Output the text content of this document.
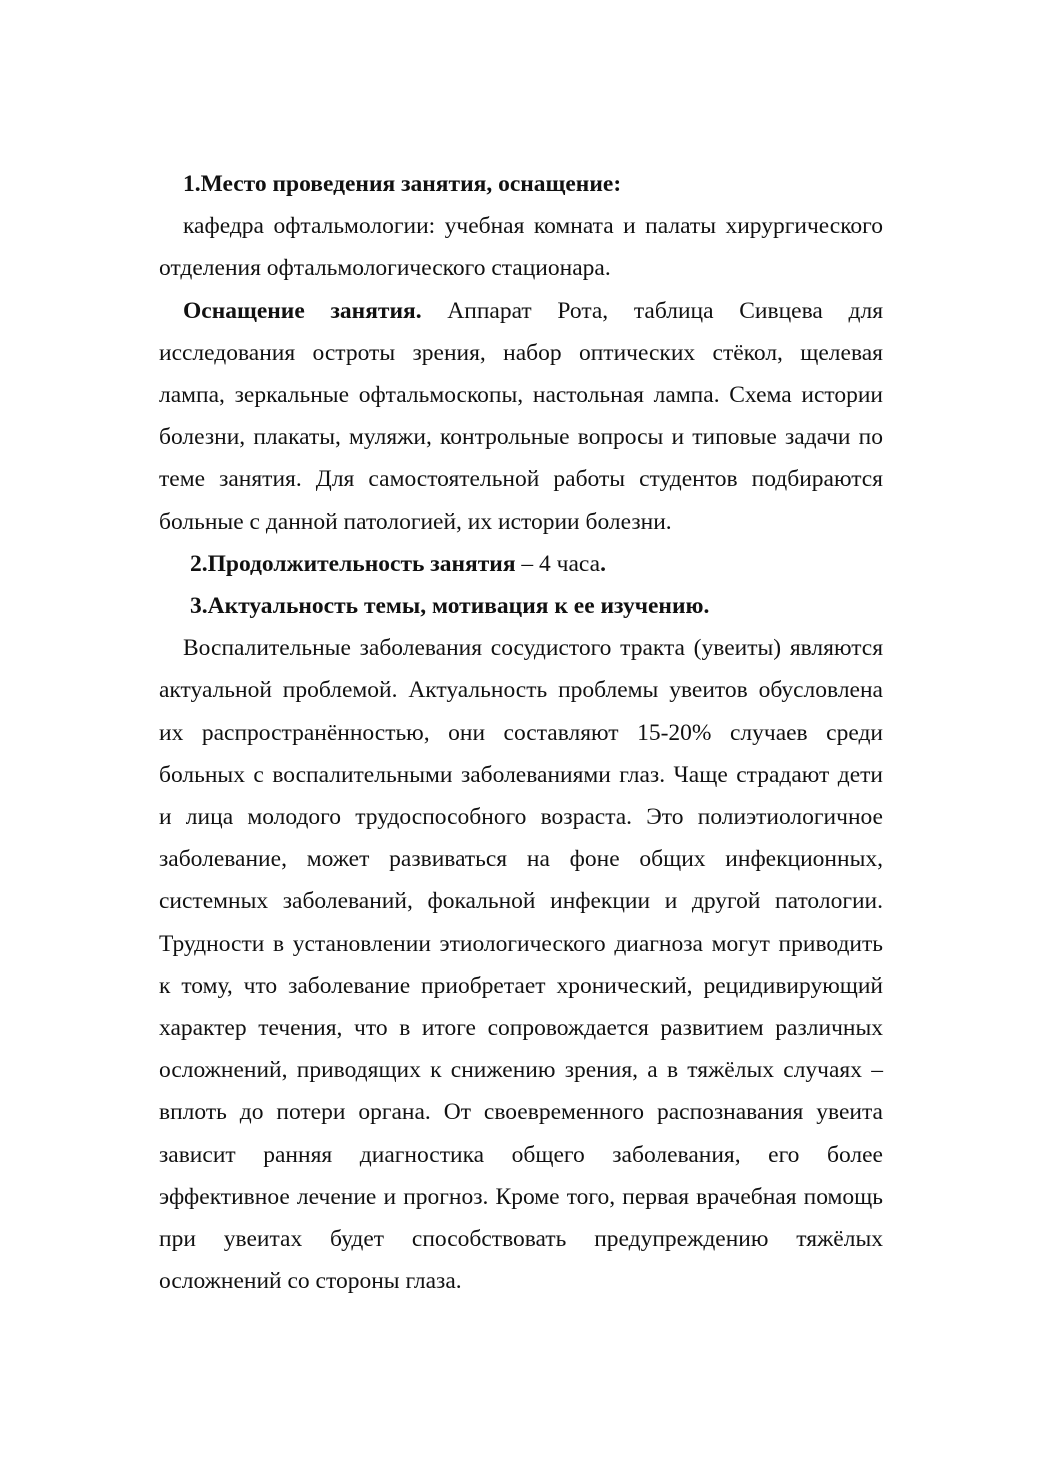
1.Место проведения занятия, оснащение:

кафедра офтальмологии: учебная комната и палаты хирургического отделения офтальмологического стационара.

Оснащение занятия. Аппарат Рота, таблица Сивцева для исследования остроты зрения, набор оптических стёкол, щелевая лампа, зеркальные офтальмоскопы, настольная лампа. Схема истории болезни, плакаты, муляжи, контрольные вопросы и типовые задачи по теме занятия. Для самостоятельной работы студентов подбираются больные с данной патологией, их истории болезни.

2.Продолжительность занятия – 4 часа.

3.Актуальность темы, мотивация к ее изучению.

Воспалительные заболевания сосудистого тракта (увеиты) являются актуальной проблемой. Актуальность проблемы увеитов обусловлена их распространённостью, они составляют 15-20% случаев среди больных с воспалительными заболеваниями глаз. Чаще страдают дети и лица молодого трудоспособного возраста. Это полиэтиологичное заболевание, может развиваться на фоне общих инфекционных, системных заболеваний, фокальной инфекции и другой патологии. Трудности в установлении этиологического диагноза могут приводить к тому, что заболевание приобретает хронический, рецидивирующий характер течения, что в итоге сопровождается развитием различных осложнений, приводящих к снижению зрения, а в тяжёлых случаях – вплоть до потери органа. От своевременного распознавания увеита зависит ранняя диагностика общего заболевания, его более эффективное лечение и прогноз. Кроме того, первая врачебная помощь при увеитах будет способствовать предупреждению тяжёлых осложнений со стороны глаза.
